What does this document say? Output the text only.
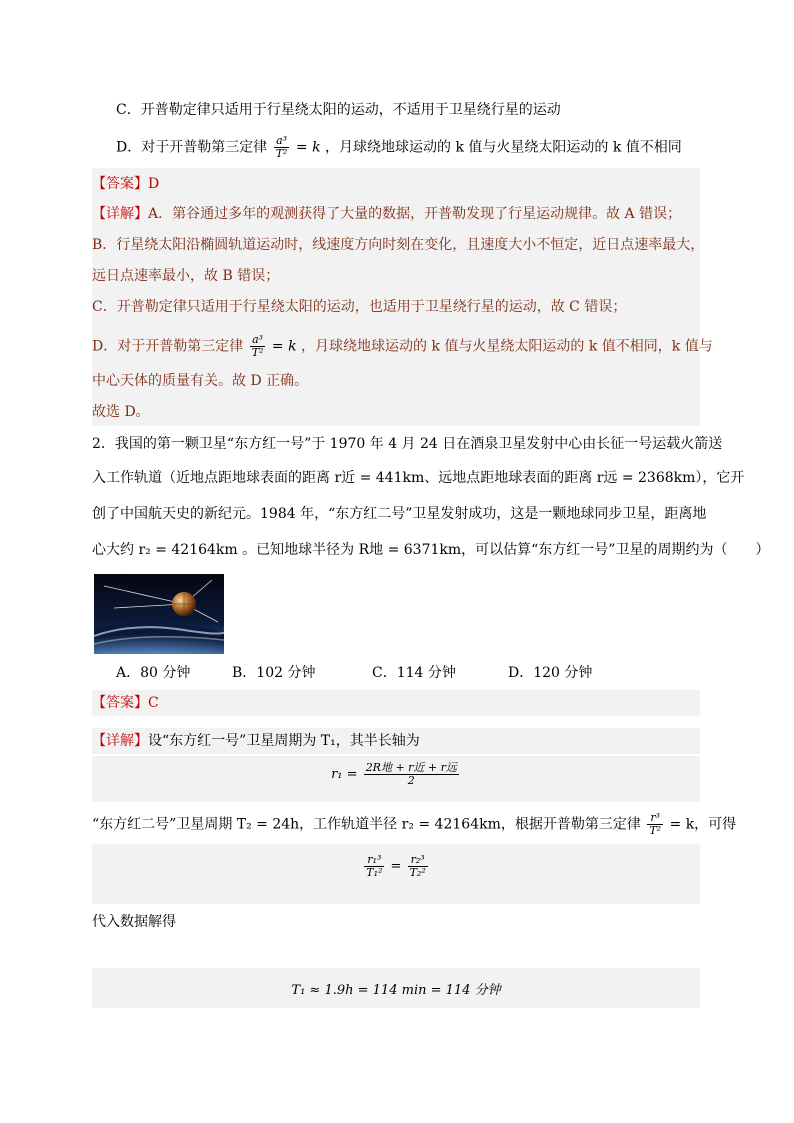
C．开普勒定律只适用于行星绕太阳的运动，不适用于卫星绕行星的运动
D．对于开普勒第三定律 $\frac{\text{a³}}{\text{T²}} = k$ ，月球绕地球运动的 k 值与火星绕太阳运动的 k 值不相同
【答案】D
【详解】A．第谷通过多年的观测获得了大量的数据，开普勒发现了行星运动规律。故 A 错误；
B．行星绕太阳沿椭圆轨道运动时，线速度方向时刻在变化，且速度大小不恒定，近日点速率最大，
远日点速率最小，故 B 错误；
C．开普勒定律只适用于行星绕太阳的运动，也适用于卫星绕行星的运动，故 C 错误；
D．对于开普勒第三定律 $\frac{\text{a³}}{\text{T²}} = k$ ，月球绕地球运动的 k 值与火星绕太阳运动的 k 值不相同，k 值与
中心天体的质量有关。故 D 正确。
故选 D。
2．我国的第一颗卫星“东方红一号”于 1970 年 4 月 24 日在酒泉卫星发射中心由长征一号运载火箭送
入工作轨道（近地点距地球表面的距离 r近 = 441km、远地点距地球表面的距离 r远 = 2368km），它开
创了中国航天史的新纪元。1984 年，“东方红二号”卫星发射成功，这是一颗地球同步卫星，距离地
心大约 r₂ = 42164km 。已知地球半径为 R地 = 6371km，可以估算“东方红一号”卫星的周期约为（　　）
A．80 分钟	B．102 分钟	C．114 分钟	D．120 分钟
【答案】C
【详解】设“东方红一号”卫星周期为 T₁，其半长轴为
$r_1 = \frac{\text{2R地 + r近 + r远}}{2}$
“东方红二号”卫星周期 T₂ = 24h，工作轨道半径 r₂ = 42164km，根据开普勒第三定律 $\frac{\text{r³}}{\text{T²}} = k$，可得
$\frac{\text{r₁³}}{\text{T₁²}} = \frac{\text{r₂³}}{\text{T₂²}}$
代入数据解得
T₁ ≈ 1.9h = 114 min = 114 分钟
